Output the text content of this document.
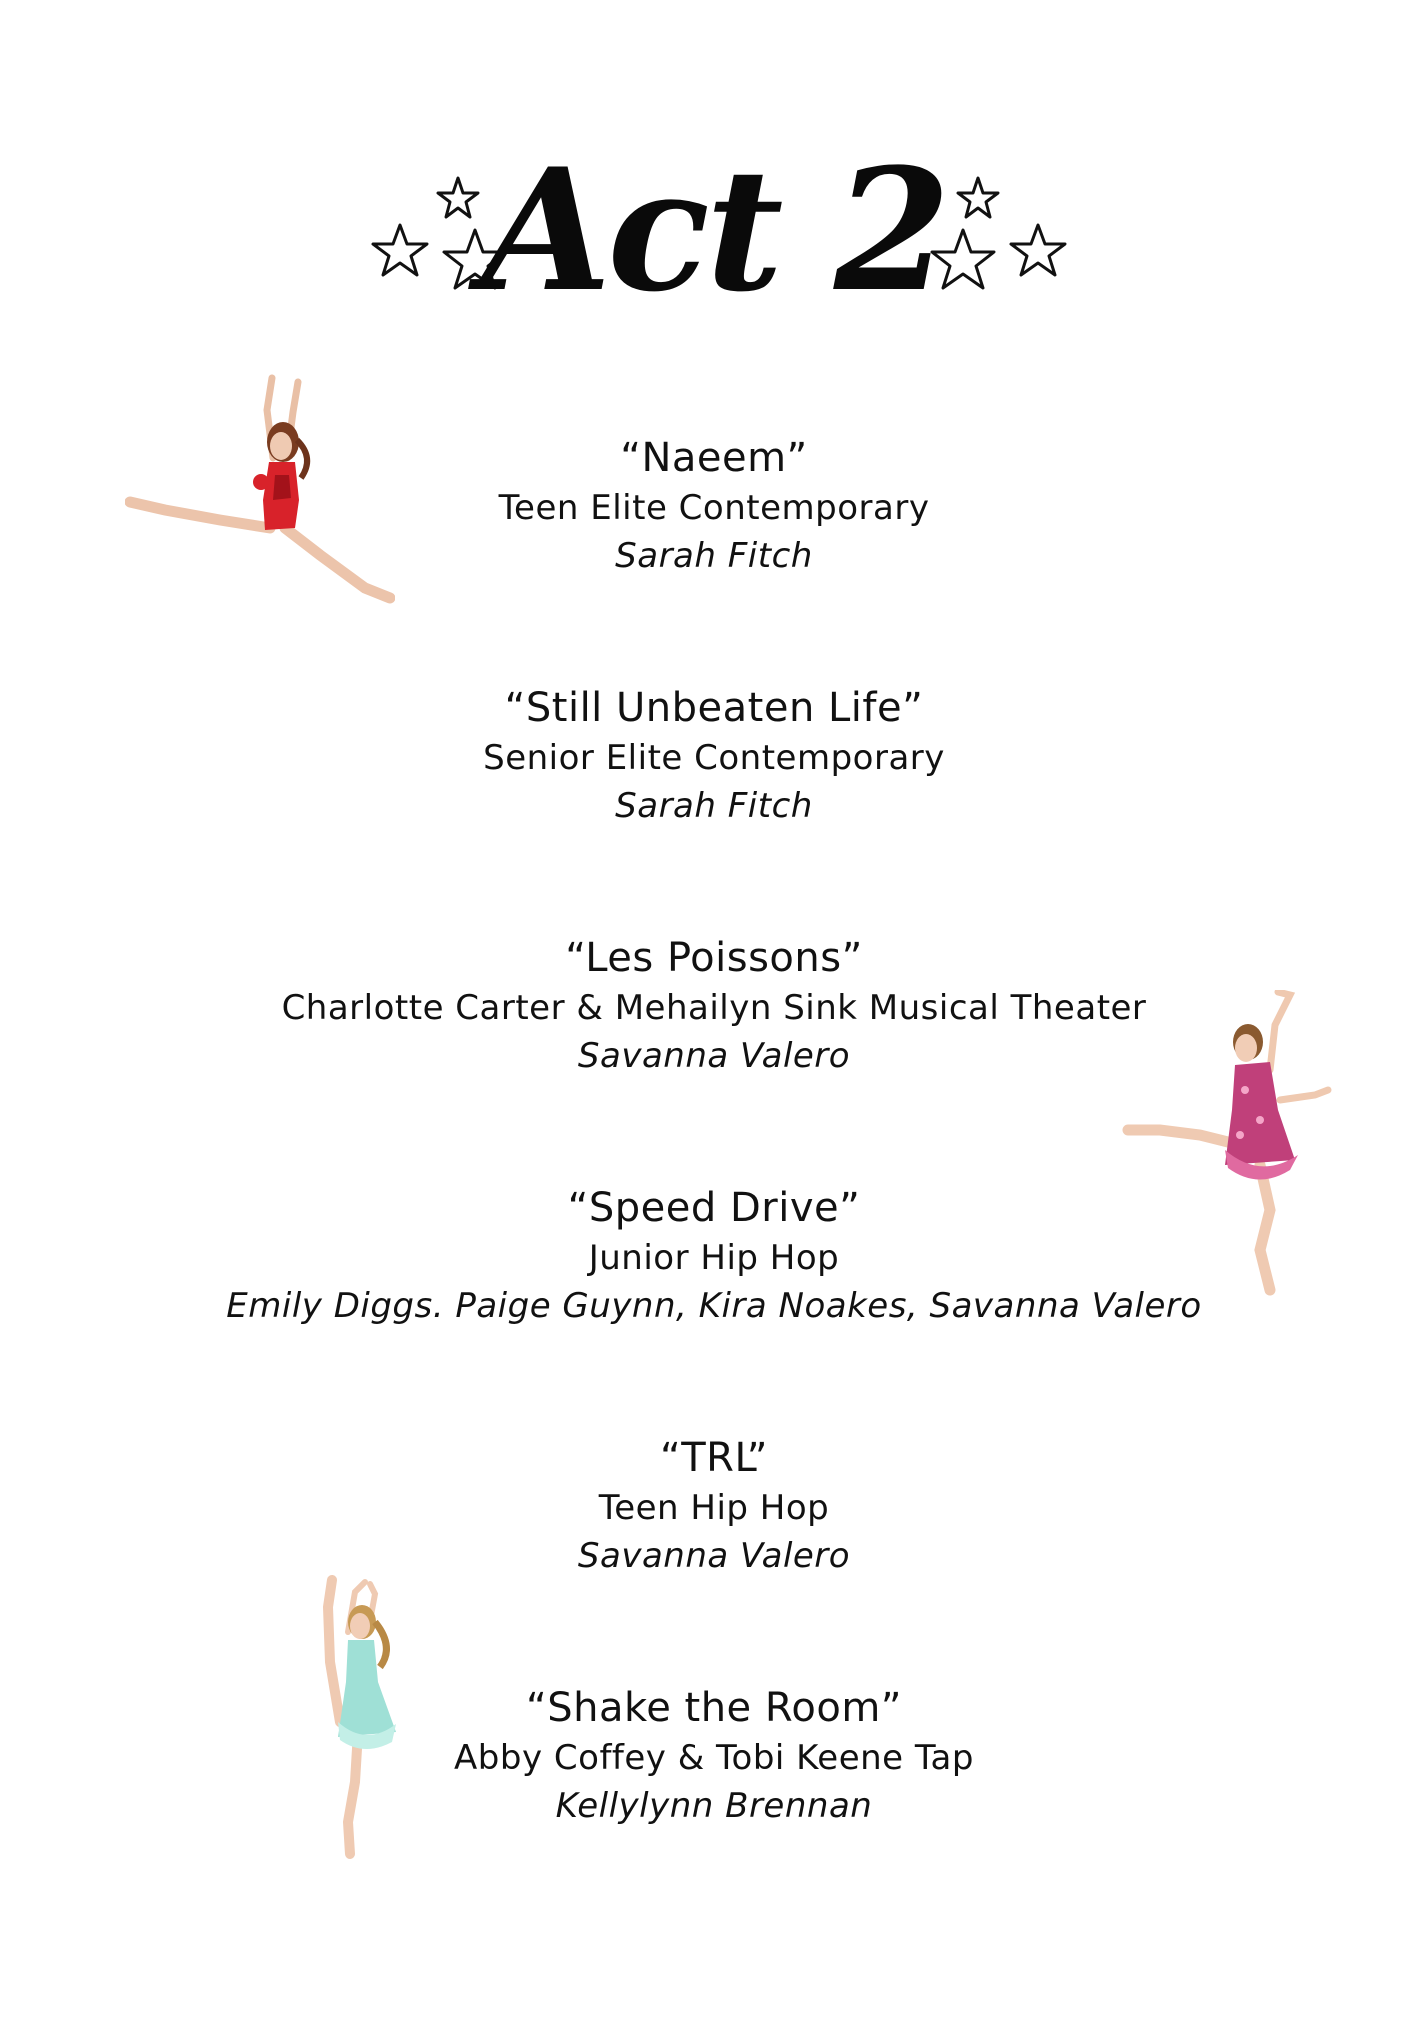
Act 2
“Naeem”
Teen Elite Contemporary
Sarah Fitch
“Still Unbeaten Life”
Senior Elite Contemporary
Sarah Fitch
“Les Poissons”
Charlotte Carter & Mehailyn Sink Musical Theater
Savanna Valero
“Speed Drive”
Junior Hip Hop
Emily Diggs. Paige Guynn, Kira Noakes, Savanna Valero
“TRL”
Teen Hip Hop
Savanna Valero
“Shake the Room”
Abby Coffey & Tobi Keene Tap
Kellylynn Brennan
